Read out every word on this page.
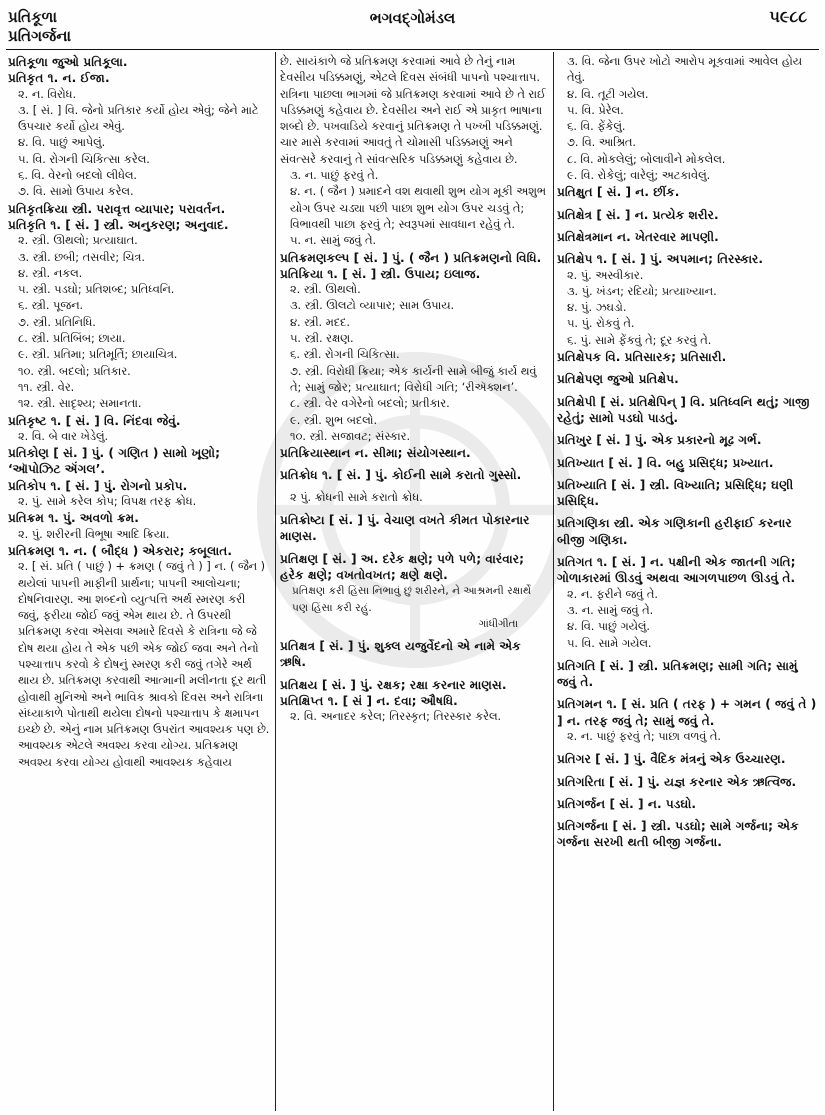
પ્રતિકૂળા
પ્રતિગર્જના
ભગવદ્ગોમંડલ	૫૯૮૮

પ્રતિકૂળા જુઓ પ્રતિકૂલા.

પ્રતિકૃત ૧. ન. ઈજા.

૨. ન. વિરોધ.

૩. [ સં. ] વિ. જેનો પ્રતિકાર કર્યો હોય એવું; જેને માટે ઉપચાર કર્યો હોય એવું.

૪. વિ. પાછું આપેલું.

૫. વિ. રોગની ચિકિત્સા કરેલ.

૬. વિ. વેરનો બદલો લીધેલ.

૭. વિ. સામો ઉપાય કરેલ.

પ્રતિકૃતક્રિયા સ્ત્રી. પરાવૃત્ત વ્યાપાર; પરાવર્તન.

પ્રતિકૃતિ ૧. [ સં. ] સ્ત્રી. અનુકરણ; અનુવાદ.

૨. સ્ત્રી. ઊથલો; પ્રત્યાઘાત.

૩. સ્ત્રી. છબી; તસવીર; ચિત્ર.

૪. સ્ત્રી. નકલ.

૫. સ્ત્રી. પડઘો; પ્રતિશબ્દ; પ્રતિધ્વનિ.

૬. સ્ત્રી. પૂજન.

૭. સ્ત્રી. પ્રતિનિધિ.

૮. સ્ત્રી. પ્રતિબિંબ; છાયા.

૯. સ્ત્રી. પ્રતિમા; પ્રતિમૂર્તિ; છાયાચિત્ર.

૧૦. સ્ત્રી. બદલો; પ્રતિકાર.

૧૧. સ્ત્રી. વેર.

૧૨. સ્ત્રી. સાદૃશ્ય; સમાનતા.

પ્રતિકૃષ્ટ ૧. [ સં. ] વિ. નિંદવા જેવું.

૨. વિ. બે વાર ખેડેલું.

પ્રતિકોણ [ સં. ] પું. ( ગણિત ) સામો ખૂણો; ‘ઑપોઝિટ ઍંગલ’.

પ્રતિકોપ ૧. [ સં. ] પું. રોગનો પ્રકોપ.

૨. પું. સામે કરેલ કોપ; વિપક્ષ તરફ ક્રોધ.

પ્રતિક્રમ ૧. પું. અવળો ક્રમ.

૨. પું. શરીરની વિભૂષા આદિ ક્રિયા.

પ્રતિક્રમણ ૧. ન. ( બૌદ્ધ ) એકરાર; કબૂલાત.

૨. [ સં. પ્રતિ ( પાછું ) + ક્રમણ ( જવું તે ) ] ન. ( જૈન ) થયેલાં પાપની માફીની પ્રાર્થના; પાપની આલોચના; દોષનિવારણ. આ શબ્દનો વ્યુત્પત્તિ અર્થ સ્મરણ કરી જવું, ફરીયા જોઈ જવું એમ થાય છે. તે ઉપરથી પ્રતિક્રમણ કરવા એસવા અમારે દિવસે કે રાત્રિના જે જે દોષ થયા હોય તે એક પછી એક જોઈ જવા અને તેનો પશ્ચાત્તાપ કરવો કે દોષનું સ્મરણ કરી જવું તગેરે અર્થ થાય છે. પ્રતિક્રમણ કરવાથી આત્માની મલીનતા દૂર થતી હોવાથી મુનિઓ અને ભાવિક શ્રાવકો દિવસ અને રાત્રિના સંધ્યાકાળે પોતાથી થયેલા દોષનો પશ્ચાત્તાપ કે ક્ષમાપન ઇચ્છે છે. એનું નામ પ્રતિક્રમણ ઉપરાંત આવશ્યક પણ છે. આવશ્યક એટલે અવશ્ય કરવા યોગ્ય. પ્રતિક્રમણ અવશ્ય કરવા યોગ્ય હોવાથી આવશ્યક કહેવાય

છે. સાયંકાળે જે પ્રતિક્રમણ કરવામાં આવે છે તેનું નામ દેવસીય પડિક્કમણું, એટલે દિવસ સંબંધી પાપનો પશ્ચાત્તાપ. રાત્રિના પાછલા ભાગમાં જે પ્રતિક્રમણ કરવામાં આવે છે તે રાઈ પડિક્કમણું કહેવાય છે. દેવસીય અને રાઈ એ પ્રાકૃત ભાષાના શબ્દો છે. પખવાડિયે કરવાનું પ્રતિક્રમણ તે પખ્ખી પડિક્કમણું. ચાર માસે કરવામાં આવતું તે ચોમાસી પડિક્કમણું અને સંવત્સરે કરવાનું તે સાંવત્સરિક પડિક્કમણું કહેવાય છે.

૩. ન. પાછું ફરવું તે.

૪. ન. ( જૈન ) પ્રમાદને વશ થવાથી શુભ યોગ મૂકી અશુભ યોગ ઉપર ચડ્યા પછી પાછા શુભ યોગ ઉપર ચડવું તે; વિભાવથી પાછા ફરવું તે; સ્વરૂપમાં સાવધાન રહેવું તે.

૫. ન. સામું જવું તે.

પ્રતિક્રમણકલ્પ [ સં. ] પું. ( જૈન ) પ્રતિક્રમણનો વિધિ.

પ્રતિક્રિયા ૧. [ સં. ] સ્ત્રી. ઉપાય; ઇલાજ.

૨. સ્ત્રી. ઊથલો.

૩. સ્ત્રી. ઊલટો વ્યાપાર; સામ ઉપાય.

૪. સ્ત્રી. મદદ.

૫. સ્ત્રી. રક્ષણ.

૬. સ્ત્રી. રોગની ચિકિત્સા.

૭. સ્ત્રી. વિરોધી ક્રિયા; એક કાર્યની સામે બીજું કાર્ય થવું તે; સામું જોર; પ્રત્યાઘાત; વિરોધી ગતિ; ‘રીઍક્શન’.

૮. સ્ત્રી. વેર વગેરેનો બદલો; પ્રતીકાર.

૯. સ્ત્રી. શુભ બદલો.

૧૦. સ્ત્રી. સજાવટ; સંસ્કાર.

પ્રતિક્રિયાસ્થાન ન. સીમા; સંયોગસ્થાન.

પ્રતિક્રોધ ૧. [ સં. ] પું. કોઈની સામે કરાતો ગુસ્સો.

૨ પું. ક્રોધની સામે કરાતો ક્રોધ.

પ્રતિક્રોષ્ટા [ સં. ] પું. વેચાણ વખતે કીમત પોકારનાર માણસ.

પ્રતિક્ષણ [ સં. ] અ. દરેક ક્ષણે; પળે પળે; વારંવાર; હરેક ક્ષણે; વખતોવખત; ક્ષણે ક્ષણે.

પ્રતિક્ષણ કરી હિંસા નિભાવું છું શરીરને, ને આશ્રમની રક્ષાર્થે પણ હિંસા કરી રહું.

ગાંધીગીતા

પ્રતિક્ષત્ર [ સં. ] પું. શુક્લ યજુર્વેદનો એ નામે એક ઋષિ.

પ્રતિક્ષય [ સં. ] પું. રક્ષક; રક્ષા કરનાર માણસ.

પ્રતિક્ષિપ્ત ૧. [ સં ] ન. દવા; ઔષધિ.

૨. વિ. અનાદર કરેલ; તિરસ્કૃત; તિરસ્કાર કરેલ.

૩. વિ. જેના ઉપર ખોટો આરોપ મૂકવામાં આવેલ હોય તેવું.

૪. વિ. તૂટી ગયેલ.

૫. વિ. પ્રેરેલ.

૬. વિ. ફેંકેલું.

૭. વિ. આશ્રિત.

૮. વિ. મોકલેલું; બોલાવીને મોકલેલ.

૯. વિ. રોકેલું; વારેલું; અટકાવેલું.

પ્રતિક્ષુત [ સં. ] ન. છીંક.

પ્રતિક્ષેત્ર [ સં. ] ન. પ્રત્યેક શરીર.

પ્રતિક્ષેત્રમાન ન. ખેતરવાર માપણી.

પ્રતિક્ષેપ ૧. [ સં. ] પું. અપમાન; તિરસ્કાર.

૨. પું. અસ્વીકાર.

૩. પું. ખંડન; રદિયો; પ્રત્યાખ્યાન.

૪. પું. ઝઘડો.

૫. પું. રોકવું તે.

૬. પું. સામે ફેંકવું તે; દૂર કરવું તે.

પ્રતિક્ષેપક વિ. પ્રતિસારક; પ્રતિસારી.

પ્રતિક્ષેપણ જુઓ પ્રતિક્ષેપ.

પ્રતિક્ષેપી [ સં. પ્રતિક્ષેપિન્ ] વિ. પ્રતિધ્વનિ થતું; ગાજી રહેતું; સામો પડઘો પાડતું.

પ્રતિખુર [ સં. ] પું. એક પ્રકારનો મૂઢ ગર્ભ.

પ્રતિખ્યાત [ સં. ] વિ. બહુ પ્રસિદ્ધ; પ્રખ્યાત.

પ્રતિખ્યાતિ [ સં. ] સ્ત્રી. વિખ્યાતિ; પ્રસિદ્ધિ; ઘણી પ્રસિદ્ધિ.

પ્રતિગણિકા સ્ત્રી. એક ગણિકાની હરીફાઈ કરનાર બીજી ગણિકા.

પ્રતિગત ૧. [ સં. ] ન. પક્ષીની એક જાતની ગતિ; ગોળાકારમાં ઊડવું અથવા આગળપાછળ ઊડવું તે.

૨. ન. ફરીને જવું તે.

૩. ન. સામું જવું તે.

૪. વિ. પાછું ગયેલું.

૫. વિ. સામે ગયેલ.

પ્રતિગતિ [ સં. ] સ્ત્રી. પ્રતિક્રમણ; સામી ગતિ; સામું જવું તે.

પ્રતિગમન ૧. [ સં. પ્રતિ ( તરફ ) + ગમન ( જવું તે ) ] ન. તરફ જવું તે; સામું જવું તે.

૨. ન. પાછું ફરવું તે; પાછા વળવું તે.

પ્રતિગર [ સં. ] પું. વૈદિક મંત્રનું એક ઉચ્ચારણ.

પ્રતિગરિતા [ સં. ] પું. યજ્ઞ કરનાર એક ઋત્વિજ.

પ્રતિગર્જન [ સં. ] ન. પડઘો.

પ્રતિગર્જના [ સં. ] સ્ત્રી. પડઘો; સામે ગર્જના; એક ગર્જના સરખી થતી બીજી ગર્જના.
